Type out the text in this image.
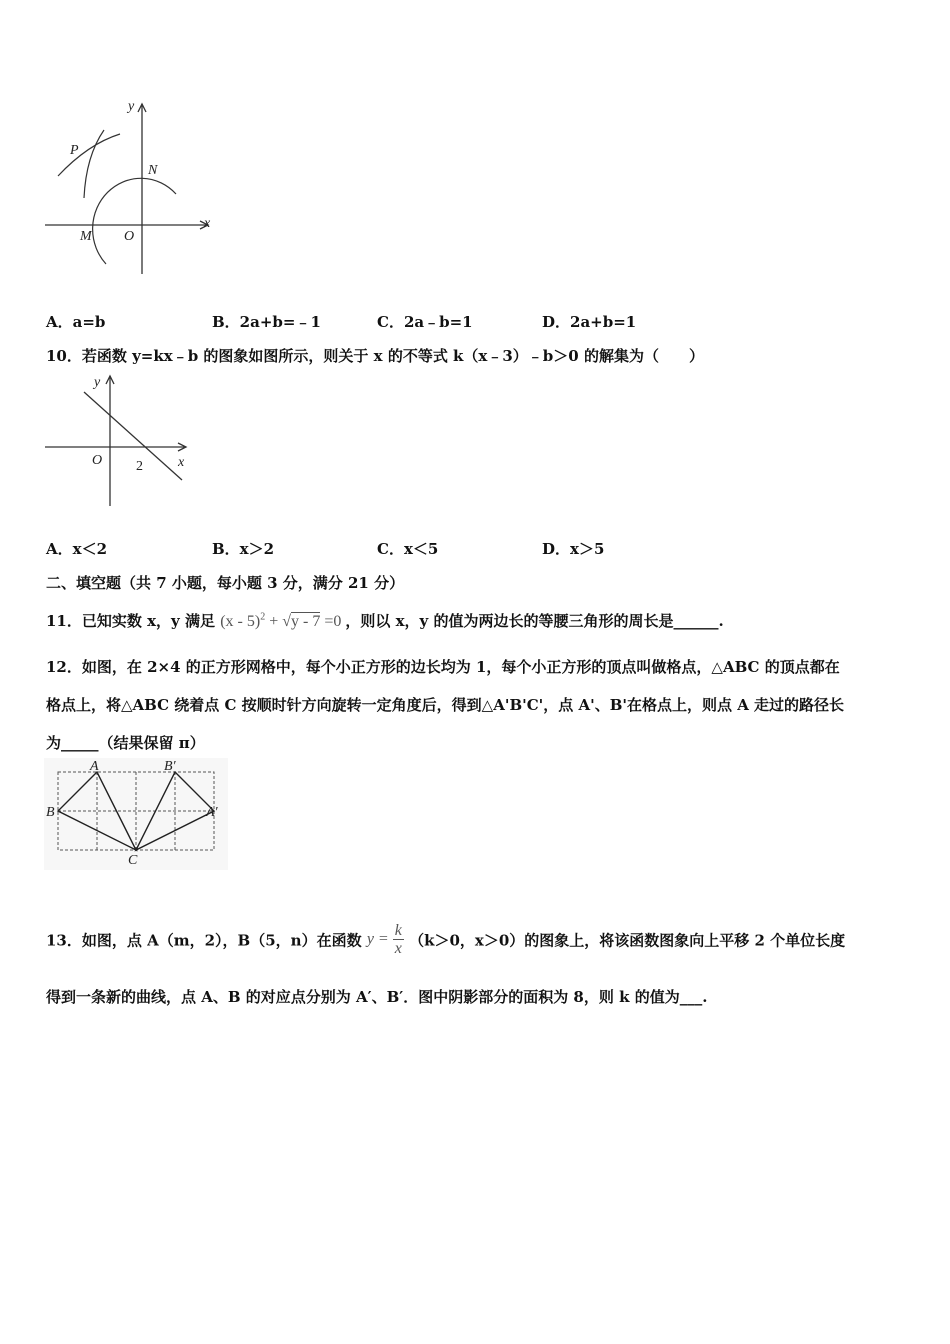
y
x
P
N
M O
A．a=b	B．2a+b=﹣1	C．2a﹣b=1	D．2a+b=1
10．若函数 y=kx﹣b 的图象如图所示，则关于 x 的不等式 k（x﹣3）﹣b＞0 的解集为（　　）
y
x
O 2
A．x＜2	B．x＞2	C．x＜5	D．x＞5
二、填空题（共 7 小题，每小题 3 分，满分 21 分）
11．已知实数 x，y 满足 (x - 5)$^2$ + √y - 7 =0 ，则以 x，y 的值为两边长的等腰三角形的周长是______.
12．如图，在 2×4 的正方形网格中，每个小正方形的边长均为 1，每个小正方形的顶点叫做格点，△ABC 的顶点都在
格点上，将△ABC 绕着点 C 按顺时针方向旋转一定角度后，得到△A'B'C'，点 A'、B'在格点上，则点 A 走过的路径长
为_____（结果保留 π）
A
B
C
B′
A′
13．如图，点 A（m，2），B（5，n）在函数 $y = \frac{k}{x} (k>0$，x＞0）的图象上，将该函数图象向上平移 2 个单位长度
得到一条新的曲线，点 A、B 的对应点分别为 A′、B′．图中阴影部分的面积为 8，则 k 的值为___.
